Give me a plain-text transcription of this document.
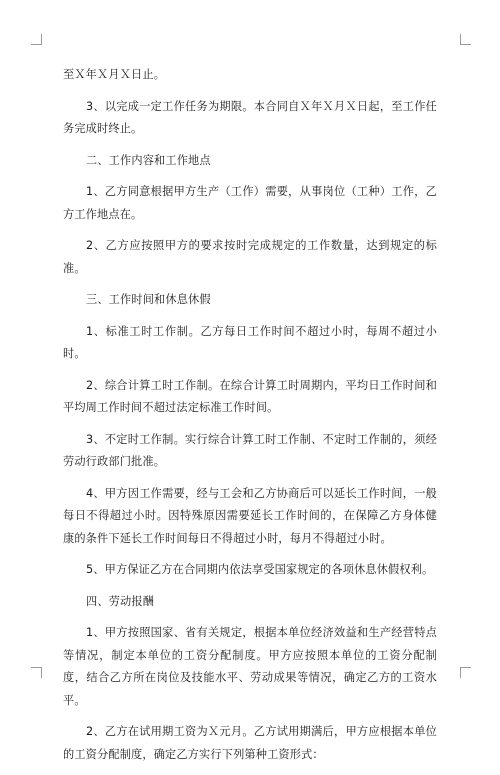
至Ｘ年Ｘ月Ｘ日止。

3、以完成一定工作任务为期限。本合同自Ｘ年Ｘ月Ｘ日起，至工作任务完成时终止。

二、工作内容和工作地点

1、乙方同意根据甲方生产（工作）需要，从事岗位（工种）工作，乙方工作地点在。

2、乙方应按照甲方的要求按时完成规定的工作数量，达到规定的标准。

三、工作时间和休息休假

1、标准工时工作制。乙方每日工作时间不超过小时，每周不超过小时。

2、综合计算工时工作制。在综合计算工时周期内，平均日工作时间和平均周工作时间不超过法定标准工作时间。

3、不定时工作制。实行综合计算工时工作制、不定时工作制的，须经劳动行政部门批准。

4、甲方因工作需要，经与工会和乙方协商后可以延长工作时间，一般每日不得超过小时。因特殊原因需要延长工作时间的，在保障乙方身体健康的条件下延长工作时间每日不得超过小时，每月不得超过小时。

5、甲方保证乙方在合同期内依法享受国家规定的各项休息休假权利。

四、劳动报酬

1、甲方按照国家、省有关规定，根据本单位经济效益和生产经营特点等情况，制定本单位的工资分配制度。甲方应按照本单位的工资分配制度，结合乙方所在岗位及技能水平、劳动成果等情况，确定乙方的工资水平。

2、乙方在试用期工资为Ｘ元月。乙方试用期满后，甲方应根据本单位的工资分配制度，确定乙方实行下列第种工资形式：
